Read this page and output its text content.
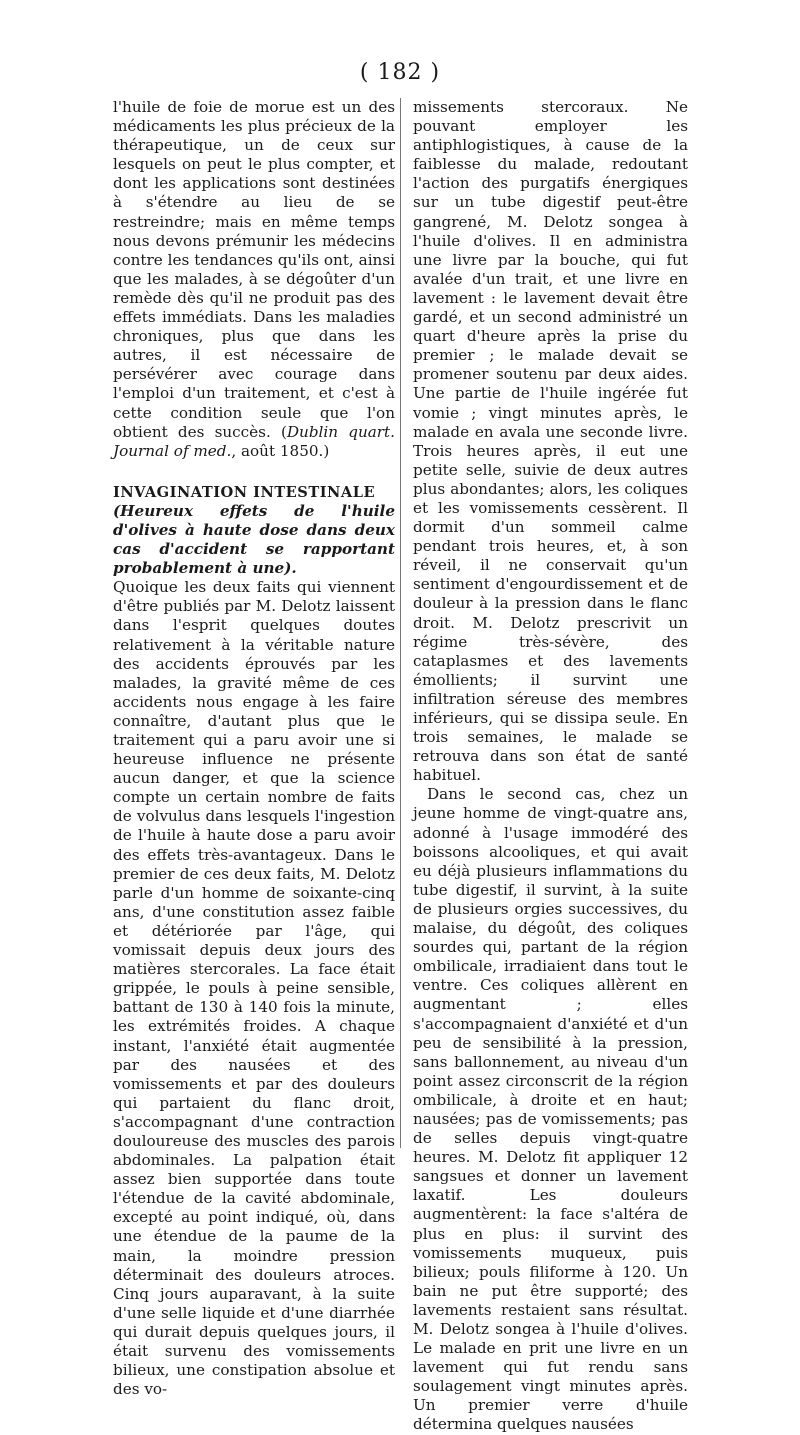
( 182 )

l'huile de foie de morue est un des médicaments les plus précieux de la thérapeutique, un de ceux sur lesquels on peut le plus compter, et dont les applications sont destinées à s'étendre au lieu de se restreindre; mais en même temps nous devons prémunir les médecins contre les tendances qu'ils ont, ainsi que les malades, à se dégoûter d'un remède dès qu'il ne produit pas des effets immédiats. Dans les maladies chroniques, plus que dans les autres, il est nécessaire de persévérer avec courage dans l'emploi d'un traitement, et c'est à cette condition seule que l'on obtient des succès. (Dublin quart. Journal of med., août 1850.)

INVAGINATION INTESTINALE

(Heureux effets de l'huile d'olives à haute dose dans deux cas d'accident se rapportant probablement à une).

Quoique les deux faits qui viennent d'être publiés par M. Delotz laissent dans l'esprit quelques doutes relativement à la véritable nature des accidents éprouvés par les malades, la gravité même de ces accidents nous engage à les faire connaître, d'autant plus que le traitement qui a paru avoir une si heureuse influence ne présente aucun danger, et que la science compte un certain nombre de faits de volvulus dans lesquels l'ingestion de l'huile à haute dose a paru avoir des effets très-avantageux. Dans le premier de ces deux faits, M. Delotz parle d'un homme de soixante-cinq ans, d'une constitution assez faible et détériorée par l'âge, qui vomissait depuis deux jours des matières stercorales. La face était grippée, le pouls à peine sensible, battant de 130 à 140 fois la minute, les extrémités froides. A chaque instant, l'anxiété était augmentée par des nausées et des vomissements et par des douleurs qui partaient du flanc droit, s'accompagnant d'une contraction douloureuse des muscles des parois abdominales. La palpation était assez bien supportée dans toute l'étendue de la cavité abdominale, excepté au point indiqué, où, dans une étendue de la paume de la main, la moindre pression déterminait des douleurs atroces. Cinq jours auparavant, à la suite d'une selle liquide et d'une diarrhée qui durait depuis quelques jours, il était survenu des vomissements bilieux, une constipation absolue et des vo-

missements stercoraux. Ne pouvant employer les antiphlogistiques, à cause de la faiblesse du malade, redoutant l'action des purgatifs énergiques sur un tube digestif peut-être gangrené, M. Delotz songea à l'huile d'olives. Il en administra une livre par la bouche, qui fut avalée d'un trait, et une livre en lavement : le lavement devait être gardé, et un second administré un quart d'heure après la prise du premier ; le malade devait se promener soutenu par deux aides. Une partie de l'huile ingérée fut vomie ; vingt minutes après, le malade en avala une seconde livre. Trois heures après, il eut une petite selle, suivie de deux autres plus abondantes; alors, les coliques et les vomissements cessèrent. Il dormit d'un sommeil calme pendant trois heures, et, à son réveil, il ne conservait qu'un sentiment d'engourdissement et de douleur à la pression dans le flanc droit. M. Delotz prescrivit un régime très-sévère, des cataplasmes et des lavements émollients; il survint une infiltration séreuse des membres inférieurs, qui se dissipa seule. En trois semaines, le malade se retrouva dans son état de santé habituel.

Dans le second cas, chez un jeune homme de vingt-quatre ans, adonné à l'usage immodéré des boissons alcooliques, et qui avait eu déjà plusieurs inflammations du tube digestif, il survint, à la suite de plusieurs orgies successives, du malaise, du dégoût, des coliques sourdes qui, partant de la région ombilicale, irradiaient dans tout le ventre. Ces coliques allèrent en augmentant ; elles s'accompagnaient d'anxiété et d'un peu de sensibilité à la pression, sans ballonnement, au niveau d'un point assez circonscrit de la région ombilicale, à droite et en haut; nausées; pas de vomissements; pas de selles depuis vingt-quatre heures. M. Delotz fit appliquer 12 sangsues et donner un lavement laxatif. Les douleurs augmentèrent: la face s'altéra de plus en plus: il survint des vomissements muqueux, puis bilieux; pouls filiforme à 120. Un bain ne put être supporté; des lavements restaient sans résultat. M. Delotz songea à l'huile d'olives. Le malade en prit une livre en un lavement qui fut rendu sans soulagement vingt minutes après. Un premier verre d'huile détermina quelques nausées
